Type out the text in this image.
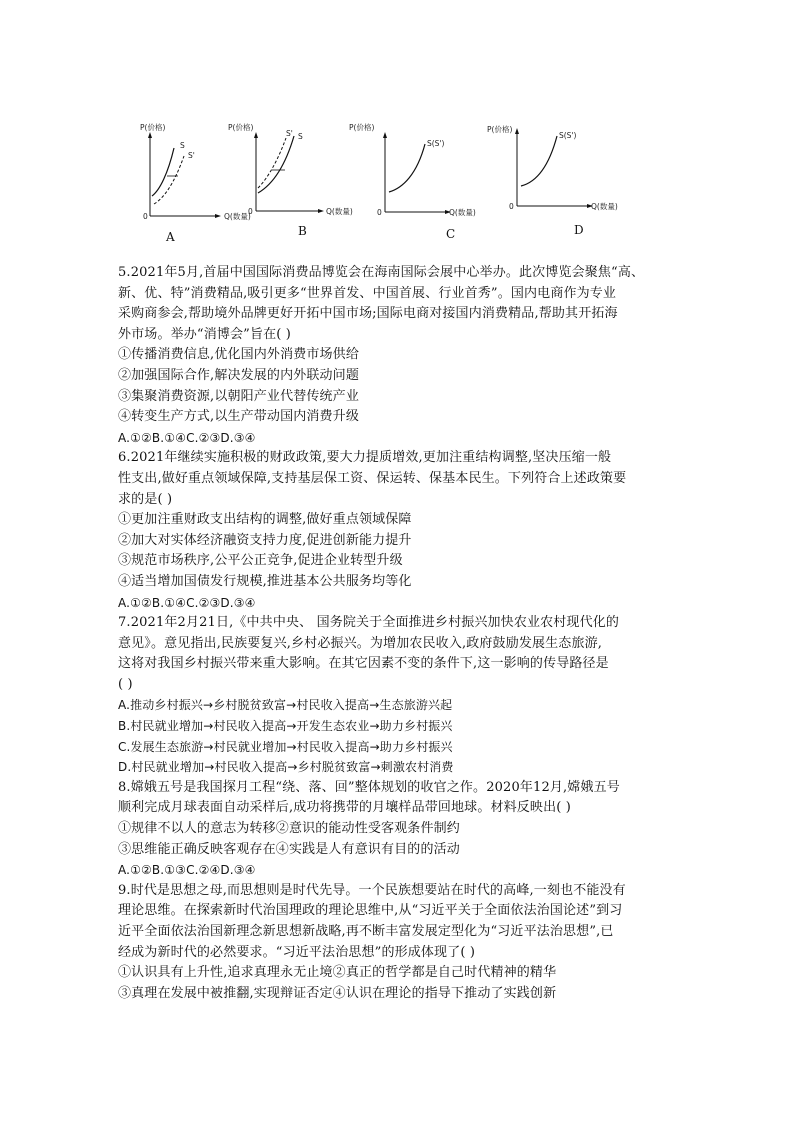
P(价格)
S
S'
0	Q(数量)
A
P(价格)
S' S
0	Q(数量)
B
P(价格)
S(S')
0	Q(数量)
C
P(价格)
S(S')
0	Q(数量)
D
5.2021年5月,首届中国国际消费品博览会在海南国际会展中心举办。此次博览会聚焦“高、
新、优、特”消费精品,吸引更多“世界首发、中国首展、行业首秀”。国内电商作为专业
采购商参会,帮助境外品牌更好开拓中国市场;国际电商对接国内消费精品,帮助其开拓海
外市场。举办“消博会”旨在( )
①传播消费信息,优化国内外消费市场供给
②加强国际合作,解决发展的内外联动问题
③集聚消费资源,以朝阳产业代替传统产业
④转变生产方式,以生产带动国内消费升级
A.①②B.①④C.②③D.③④
6.2021年继续实施积极的财政政策,要大力提质增效,更加注重结构调整,坚决压缩一般
性支出,做好重点领域保障,支持基层保工资、保运转、保基本民生。下列符合上述政策要
求的是( )
①更加注重财政支出结构的调整,做好重点领域保障
②加大对实体经济融资支持力度,促进创新能力提升
③规范市场秩序,公平公正竞争,促进企业转型升级
④适当增加国债发行规模,推进基本公共服务均等化
A.①②B.①④C.②③D.③④
7.2021年2月21日,《中共中央、 国务院关于全面推进乡村振兴加快农业农村现代化的
意见》。意见指出,民族要复兴,乡村必振兴。为增加农民收入,政府鼓励发展生态旅游,
这将对我国乡村振兴带来重大影响。在其它因素不变的条件下,这一影响的传导路径是
( )
A.推动乡村振兴→乡村脱贫致富→村民收入提高→生态旅游兴起
B.村民就业增加→村民收入提高→开发生态农业→助力乡村振兴
C.发展生态旅游→村民就业增加→村民收入提高→助力乡村振兴
D.村民就业增加→村民收入提高→乡村脱贫致富→刺激农村消费
8.嫦娥五号是我国探月工程“绕、落、回”整体规划的收官之作。2020年12月,嫦娥五号
顺利完成月球表面自动采样后,成功将携带的月壤样品带回地球。材料反映出( )
①规律不以人的意志为转移②意识的能动性受客观条件制约
③思维能正确反映客观存在④实践是人有意识有目的的活动
A.①②B.①③C.②④D.③④
9.时代是思想之母,而思想则是时代先导。一个民族想要站在时代的高峰,一刻也不能没有
理论思维。在探索新时代治国理政的理论思维中,从“习近平关于全面依法治国论述”到习
近平全面依法治国新理念新思想新战略,再不断丰富发展定型化为“习近平法治思想”,已
经成为新时代的必然要求。“习近平法治思想”的形成体现了( )
①认识具有上升性,追求真理永无止境②真正的哲学都是自己时代精神的精华
③真理在发展中被推翻,实现辩证否定④认识在理论的指导下推动了实践创新
